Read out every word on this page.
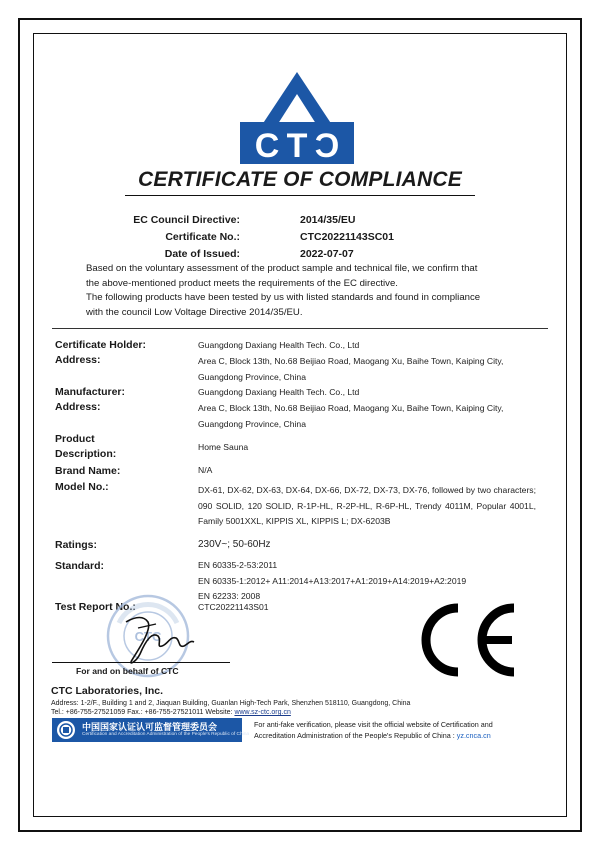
C T C
CERTIFICATE OF COMPLIANCE
EC Council Directive:	2014/35/EU
Certificate No.:	CTC20221143SC01
Date of Issued:	2022-07-07
Based on the voluntary assessment of the product sample and technical file, we confirm that
the above-mentioned product meets the requirements of the EC directive.
The following products have been tested by us with listed standards and found in compliance
with the council Low Voltage Directive 2014/35/EU.
Certificate Holder:	Guangdong Daxiang Health Tech. Co., Ltd
Address:	Area C, Block 13th, No.68 Beijiao Road, Maogang Xu, Baihe Town, Kaiping City,
Guangdong Province, China
Manufacturer:	Guangdong Daxiang Health Tech. Co., Ltd
Address:	Area C, Block 13th, No.68 Beijiao Road, Maogang Xu, Baihe Town, Kaiping City,
Guangdong Province, China
Product
Description:
Home Sauna
Brand Name:	N/A
Model No.:	DX-61, DX-62, DX-63, DX-64, DX-66, DX-72, DX-73, DX-76, followed by two characters; 090 SOLID, 120 SOLID, R-1P-HL, R-2P-HL, R-6P-HL, Trendy 4011M, Popular 4001L, Family 5001XXL, KIPPIS XL, KIPPIS L; DX-6203B
Ratings:	230V~; 50-60Hz
Standard:	EN 60335-2-53:2011
EN 60335-1:2012+ A11:2014+A13:2017+A1:2019+A14:2019+A2:2019
EN 62233: 2008
Test Report No.:	CTC20221143S01
CTC
For and on behalf of CTC
CTC Laboratories, Inc.
Address: 1-2/F., Building 1 and 2, Jiaquan Building, Guanlan High-Tech Park, Shenzhen 518110, Guangdong, China
Tel.: +86-755-27521059 Fax.: +86-755-27521011 Website: www.sz-ctc.org.cn
中国国家认证认可监督管理委员会
Certification and Accreditation Administration of the People's Republic of China
For anti-fake verification, please visit the official website of Certification and
Accreditation Administration of the People's Republic of China : yz.cnca.cn
